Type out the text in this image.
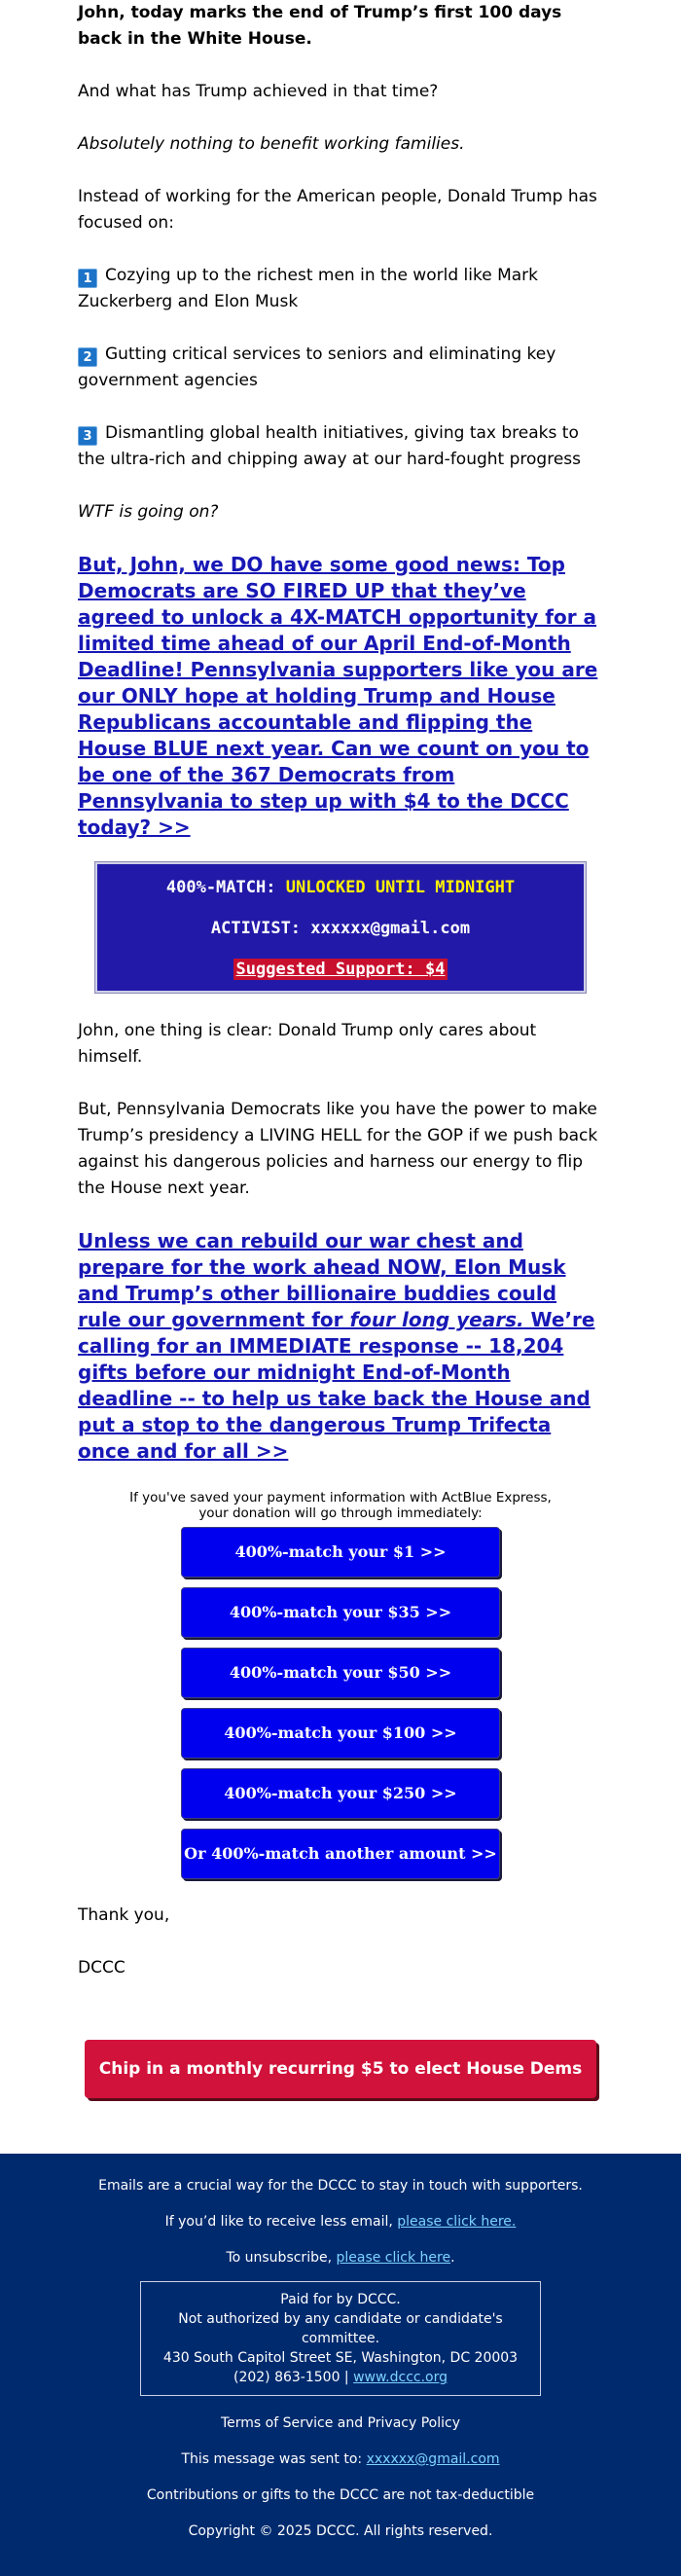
John, today marks the end of Trump’s first 100 days back in the White House.

And what has Trump achieved in that time?

Absolutely nothing to benefit working families.

Instead of working for the American people, Donald Trump has focused on:

1 Cozying up to the richest men in the world like Mark Zuckerberg and Elon Musk

2 Gutting critical services to seniors and eliminating key government agencies

3 Dismantling global health initiatives, giving tax breaks to the ultra-rich and chipping away at our hard-fought progress

WTF is going on?

But, John, we DO have some good news: Top Democrats are SO FIRED UP that they’ve agreed to unlock a 4X-MATCH opportunity for a limited time ahead of our April End-of-Month Deadline! Pennsylvania supporters like you are our ONLY hope at holding Trump and House Republicans accountable and flipping the House BLUE next year. Can we count on you to be one of the 367 Democrats from Pennsylvania to step up with $4 to the DCCC today? >>
400%-MATCH: UNLOCKED UNTIL MIDNIGHT
ACTIVIST: xxxxxx@gmail.com
Suggested Support: $4

John, one thing is clear: Donald Trump only cares about himself.

But, Pennsylvania Democrats like you have the power to make Trump’s presidency a LIVING HELL for the GOP if we push back against his dangerous policies and harness our energy to flip the House next year.

Unless we can rebuild our war chest and prepare for the work ahead NOW, Elon Musk and Trump’s other billionaire buddies could rule our government for four long years. We’re calling for an IMMEDIATE response -- 18,204 gifts before our midnight End-of-Month deadline -- to help us take back the House and put a stop to the dangerous Trump Trifecta once and for all >>
If you've saved your payment information with ActBlue Express,
your donation will go through immediately:
400%-match your $1 >>
400%-match your $35 >>
400%-match your $50 >>
400%-match your $100 >>
400%-match your $250 >>
Or 400%-match another amount >>

Thank you,

DCCC

Chip in a monthly recurring $5 to elect House Dems >>

Emails are a crucial way for the DCCC to stay in touch with supporters.

If you’d like to receive less email, please click here.

To unsubscribe, please click here.

Paid for by DCCC.

Not authorized by any candidate or candidate's committee.

430 South Capitol Street SE, Washington, DC 20003

(202) 863-1500 | www.dccc.org

Terms of Service and Privacy Policy

This message was sent to: xxxxxx@gmail.com

Contributions or gifts to the DCCC are not tax-deductible

Copyright © 2025 DCCC. All rights reserved.
